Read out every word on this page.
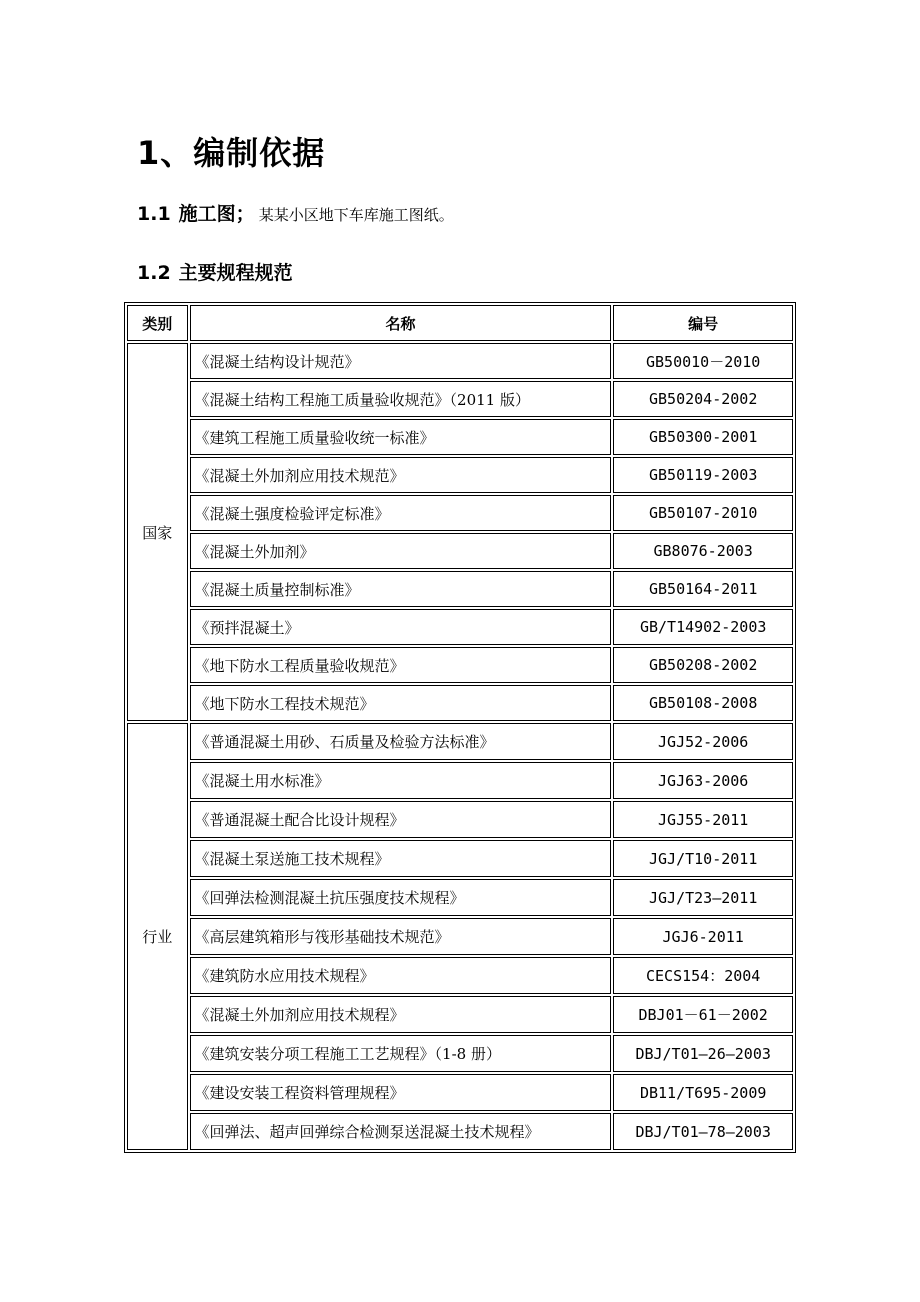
1、编制依据
1.1 施工图； 某某小区地下车库施工图纸。
1.2 主要规程规范
类别	名称	编号
国家	《混凝土结构设计规范》	GB50010－2010
	《混凝土结构工程施工质量验收规范》（2011 版）	GB50204-2002
	《建筑工程施工质量验收统一标准》	GB50300-2001
	《混凝土外加剂应用技术规范》	GB50119-2003
	《混凝土强度检验评定标准》	GB50107-2010
	《混凝土外加剂》	GB8076-2003
	《混凝土质量控制标准》	GB50164-2011
	《预拌混凝土》	GB/T14902-2003
	《地下防水工程质量验收规范》	GB50208-2002
	《地下防水工程技术规范》	GB50108-2008
行业	《普通混凝土用砂、石质量及检验方法标准》	JGJ52-2006
	《混凝土用水标准》	JGJ63-2006
	《普通混凝土配合比设计规程》	JGJ55-2011
	《混凝土泵送施工技术规程》	JGJ/T10-2011
	《回弹法检测混凝土抗压强度技术规程》	JGJ/T23—2011
	《高层建筑箱形与筏形基础技术规范》	JGJ6-2011
	《建筑防水应用技术规程》	CECS154：2004
	《混凝土外加剂应用技术规程》	DBJ01－61－2002
	《建筑安装分项工程施工工艺规程》（1-8 册）	DBJ/T01—26—2003
	《建设安装工程资料管理规程》	DB11/T695-2009
	《回弹法、超声回弹综合检测泵送混凝土技术规程》	DBJ/T01—78—2003
